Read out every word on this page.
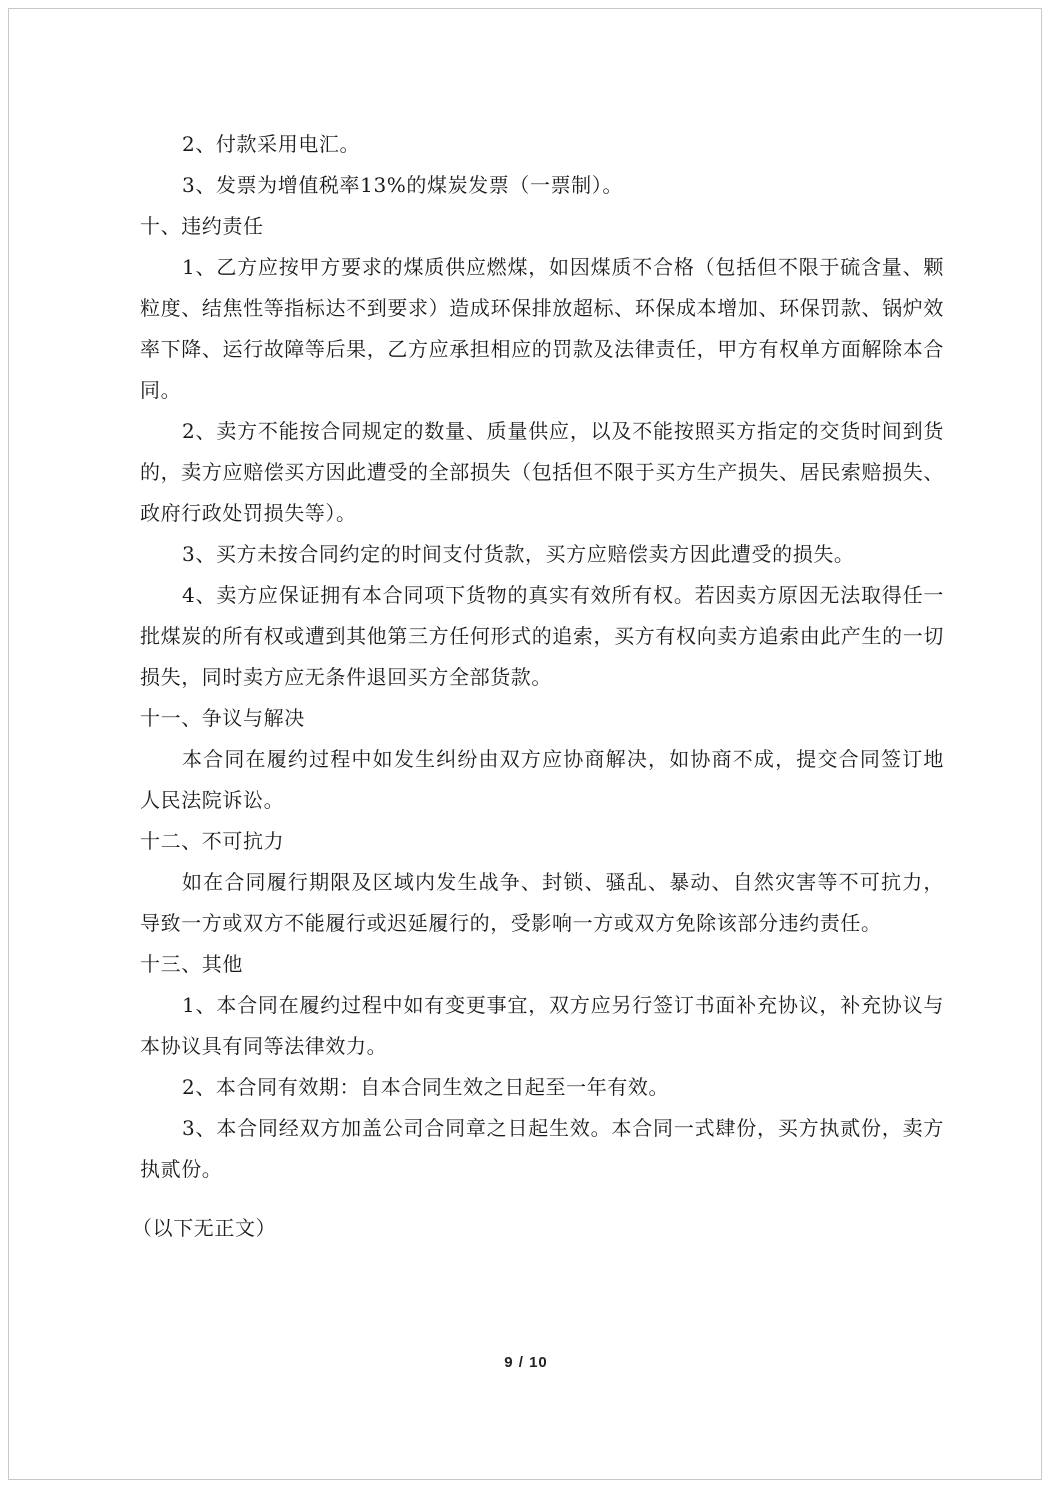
2、付款采用电汇。

3、发票为增值税率13%的煤炭发票（一票制）。

十、违约责任

1、乙方应按甲方要求的煤质供应燃煤，如因煤质不合格（包括但不限于硫含量、颗粒度、结焦性等指标达不到要求）造成环保排放超标、环保成本增加、环保罚款、锅炉效率下降、运行故障等后果，乙方应承担相应的罚款及法律责任，甲方有权单方面解除本合同。

2、卖方不能按合同规定的数量、质量供应，以及不能按照买方指定的交货时间到货的，卖方应赔偿买方因此遭受的全部损失（包括但不限于买方生产损失、居民索赔损失、政府行政处罚损失等）。

3、买方未按合同约定的时间支付货款，买方应赔偿卖方因此遭受的损失。

4、卖方应保证拥有本合同项下货物的真实有效所有权。若因卖方原因无法取得任一批煤炭的所有权或遭到其他第三方任何形式的追索，买方有权向卖方追索由此产生的一切损失，同时卖方应无条件退回买方全部货款。

十一、争议与解决

本合同在履约过程中如发生纠纷由双方应协商解决，如协商不成，提交合同签订地人民法院诉讼。

十二、不可抗力

如在合同履行期限及区域内发生战争、封锁、骚乱、暴动、自然灾害等不可抗力，导致一方或双方不能履行或迟延履行的，受影响一方或双方免除该部分违约责任。

十三、其他

1、本合同在履约过程中如有变更事宜，双方应另行签订书面补充协议，补充协议与本协议具有同等法律效力。

2、本合同有效期：自本合同生效之日起至一年有效。

3、本合同经双方加盖公司合同章之日起生效。本合同一式肆份，买方执贰份，卖方执贰份。

（以下无正文）

9 / 10
